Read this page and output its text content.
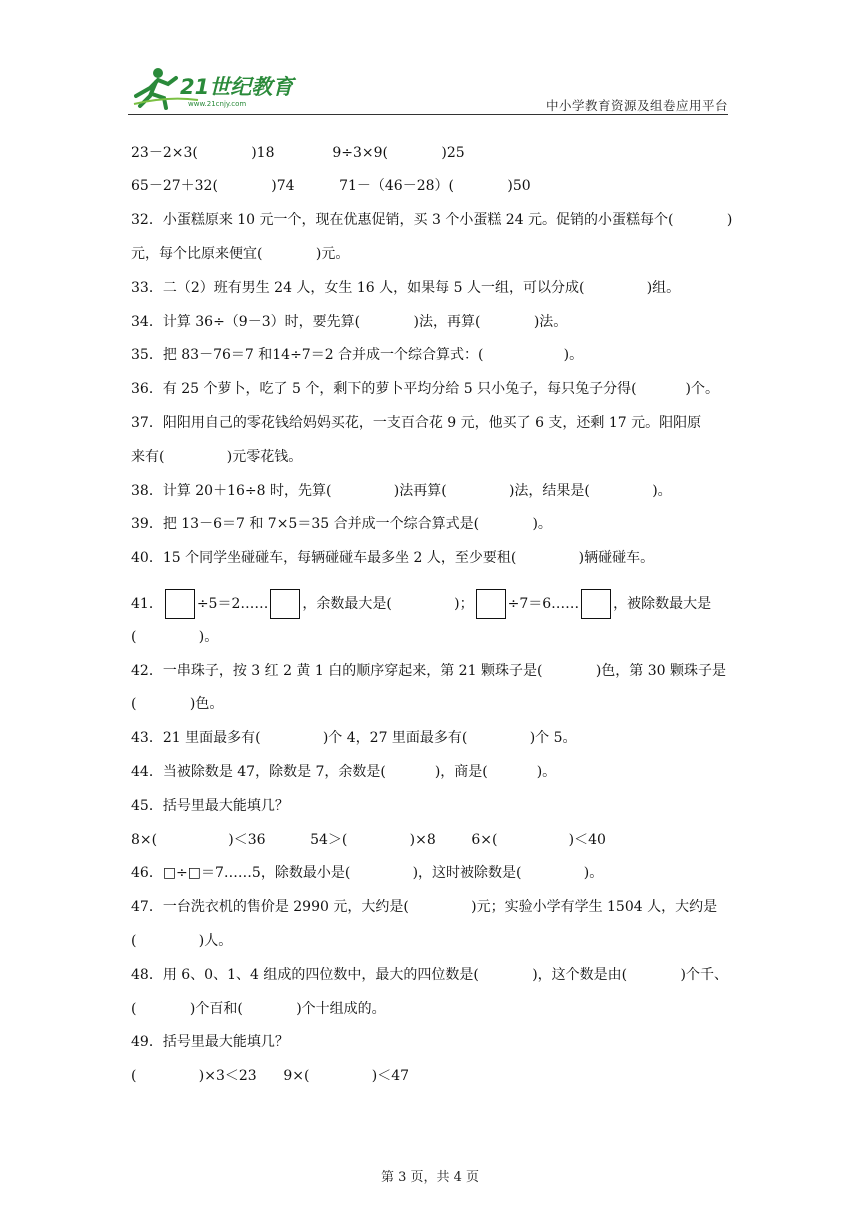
21世纪教育
www.21cnjy.com	中小学教育资源及组卷应用平台
23－2×3(            )18             9÷3×9(            )25
65－27＋32(            )74          71－（46－28）(            )50
32．小蛋糕原来 10 元一个，现在优惠促销，买 3 个小蛋糕 24 元。促销的小蛋糕每个(            )
元，每个比原来便宜(            )元。
33．二（2）班有男生 24 人，女生 16 人，如果每 5 人一组，可以分成(              )组。
34．计算 36÷（9－3）时，要先算(            )法，再算(            )法。
35．把 83－76＝7 和14÷7＝2 合并成一个综合算式：(                  )。
36．有 25 个萝卜，吃了 5 个，剩下的萝卜平均分给 5 只小兔子，每只兔子分得(           )个。
37．阳阳用自己的零花钱给妈妈买花，一支百合花 9 元，他买了 6 支，还剩 17 元。阳阳原
来有(              )元零花钱。
38．计算 20＋16÷8 时，先算(              )法再算(              )法，结果是(              )。
39．把 13－6＝7 和 7×5＝35 合并成一个综合算式是(            )。
40．15 个同学坐碰碰车，每辆碰碰车最多坐 2 人，至少要租(              )辆碰碰车。
41． ÷5＝2…… ，余数最大是(              )； ÷7＝6…… ，被除数最大是
(              )。
42．一串珠子，按 3 红 2 黄 1 白的顺序穿起来，第 21 颗珠子是(            )色，第 30 颗珠子是
(            )色。
43．21 里面最多有(              )个 4，27 里面最多有(              )个 5。
44．当被除数是 47，除数是 7，余数是(           )，商是(           )。
45．括号里最大能填几？
8×(                )＜36          54＞(              )×8        6×(                )＜40
46．□÷□＝7……5，除数最小是(              )，这时被除数是(              )。
47．一台洗衣机的售价是 2990 元，大约是(              )元；实验小学有学生 1504 人，大约是
(              )人。
48．用 6、0、1、4 组成的四位数中，最大的四位数是(            )，这个数是由(            )个千、
(            )个百和(            )个十组成的。
49．括号里最大能填几？
(              )×3＜23      9×(              )＜47
第 3 页，共 4 页
